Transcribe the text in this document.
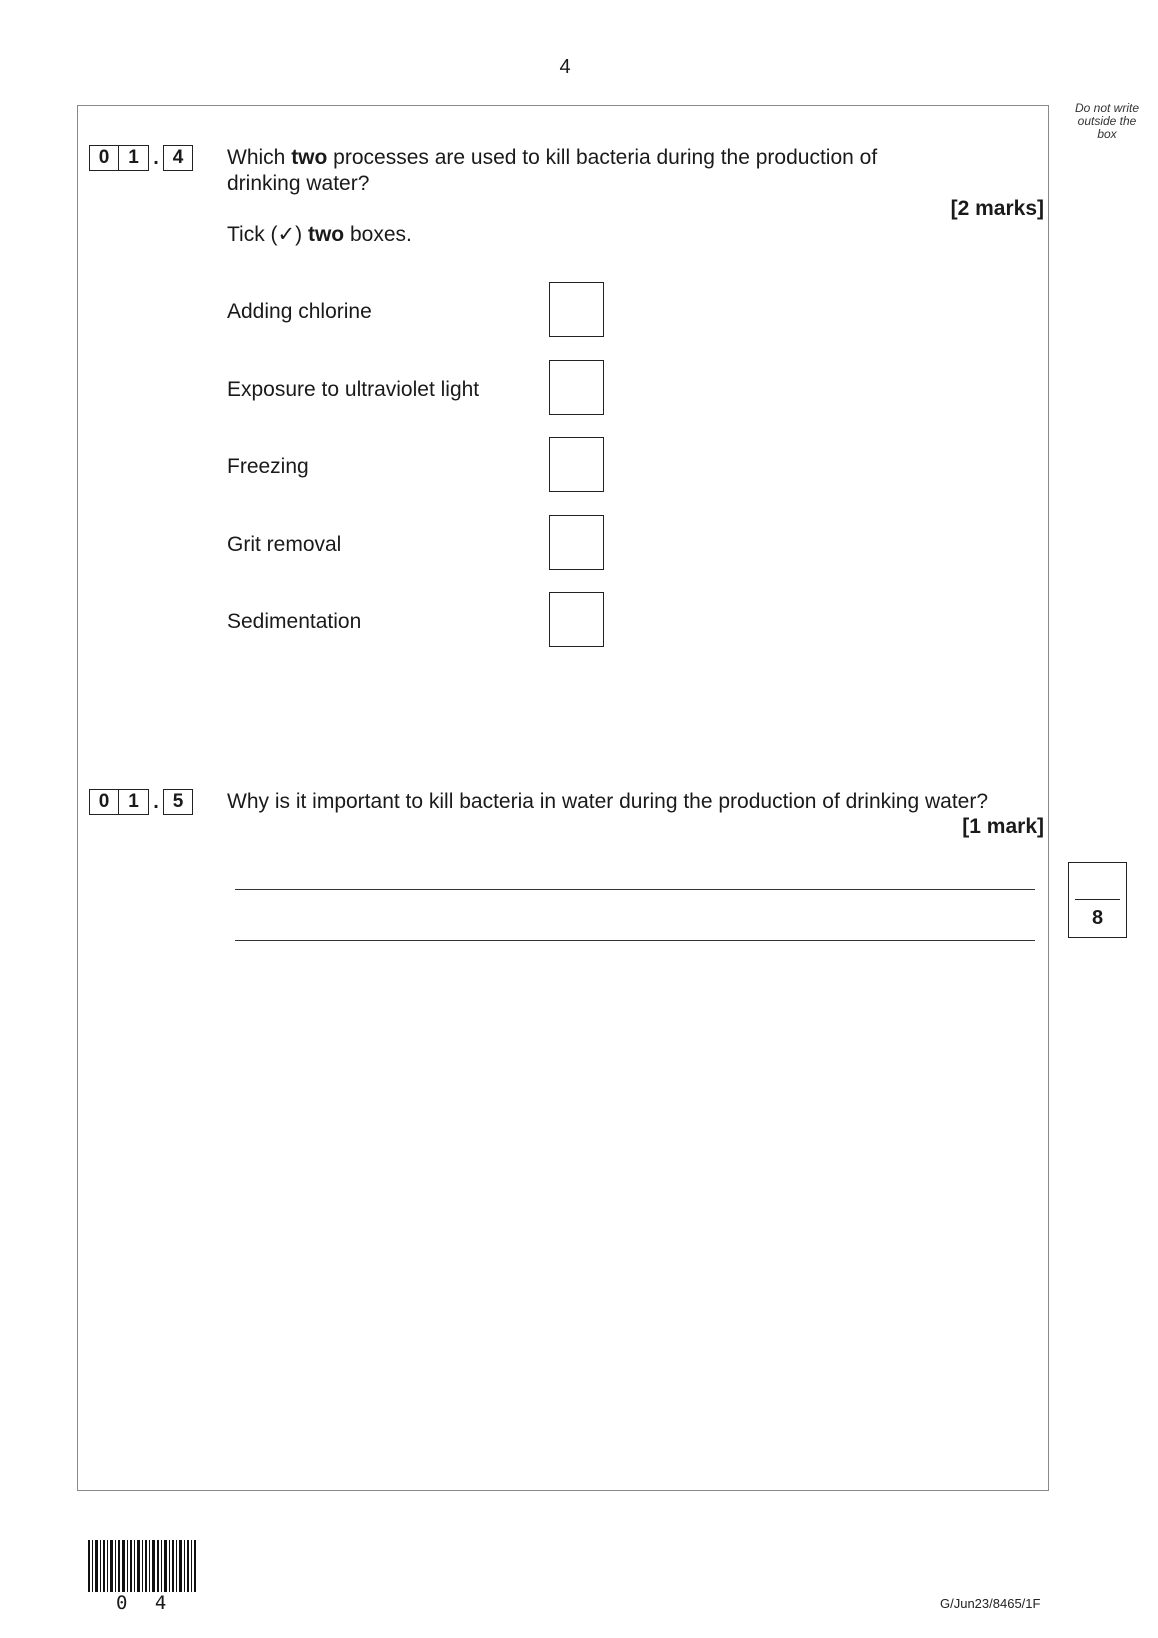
4
Do not write
outside the
box
0 1 . 4	Which two processes are used to kill bacteria during the production of
drinking water?
[2 marks]
Tick (✓) two boxes.
Adding chlorine
Exposure to ultraviolet light
Freezing
Grit removal
Sedimentation
0 1 . 5	Why is it important to kill bacteria in water during the production of drinking water?
[1 mark]
8
0 4	G/Jun23/8465/1F
